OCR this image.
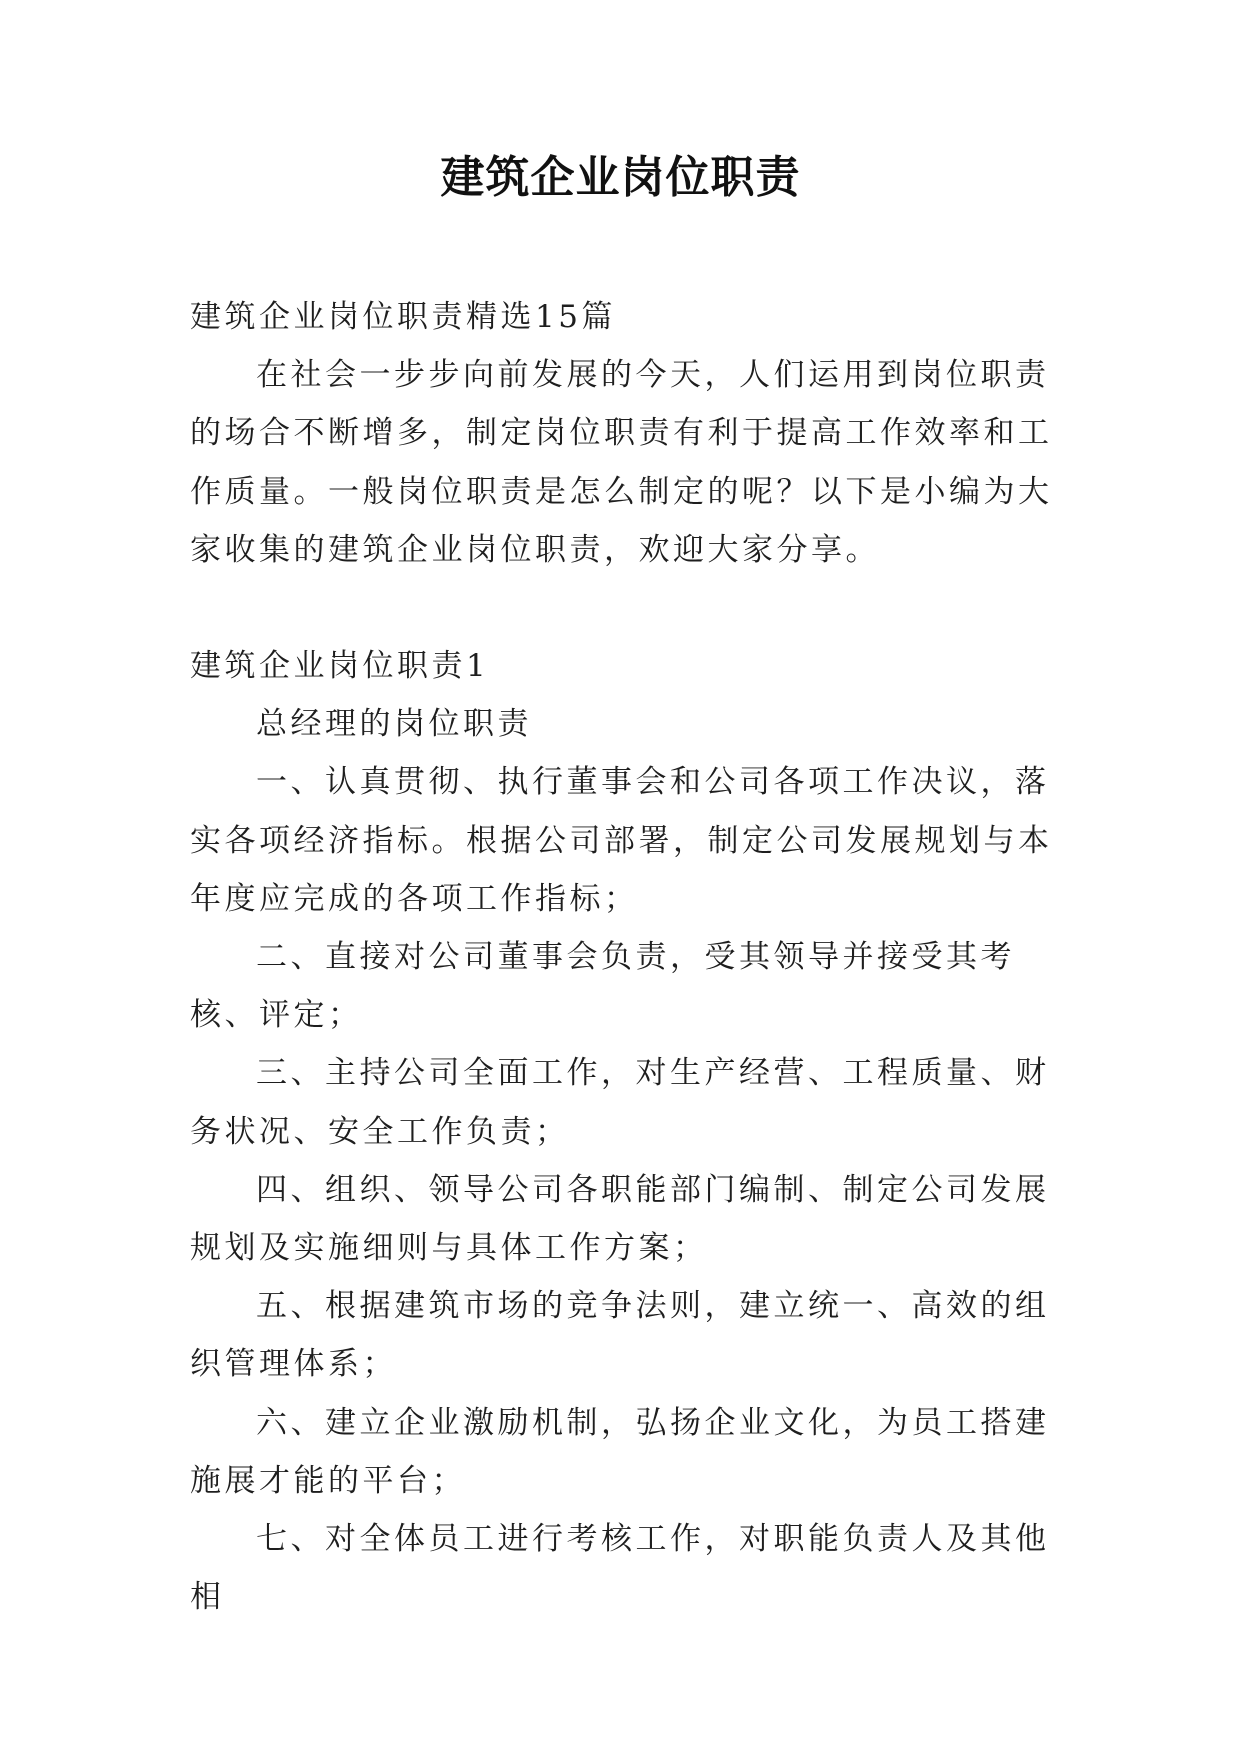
建筑企业岗位职责

建筑企业岗位职责精选15篇

在社会一步步向前发展的今天，人们运用到岗位职责的场合不断增多，制定岗位职责有利于提高工作效率和工作质量。一般岗位职责是怎么制定的呢？以下是小编为大家收集的建筑企业岗位职责，欢迎大家分享。

建筑企业岗位职责1

总经理的岗位职责

一、认真贯彻、执行董事会和公司各项工作决议，落实各项经济指标。根据公司部署，制定公司发展规划与本年度应完成的各项工作指标；

二、直接对公司董事会负责，受其领导并接受其考核、评定；

三、主持公司全面工作，对生产经营、工程质量、财务状况、安全工作负责；

四、组织、领导公司各职能部门编制、制定公司发展规划及实施细则与具体工作方案；

五、根据建筑市场的竞争法则，建立统一、高效的组织管理体系；

六、建立企业激励机制，弘扬企业文化，为员工搭建施展才能的平台；

七、对全体员工进行考核工作，对职能负责人及其他相
